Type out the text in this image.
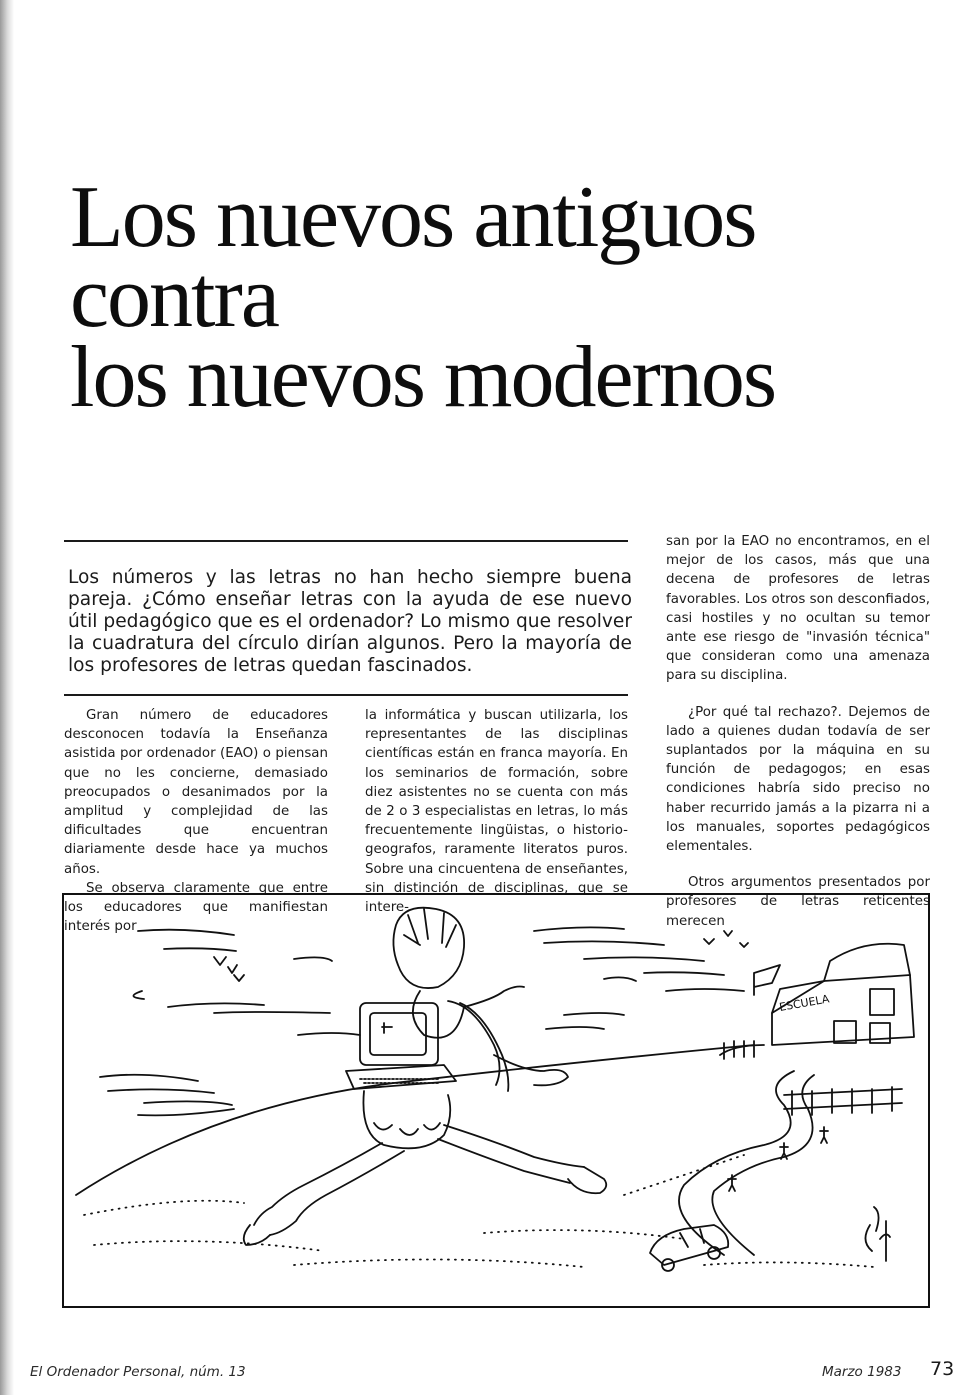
Los nuevos antiguos
contra
los nuevos modernos

Los números y las letras no han hecho siempre buena pareja. ¿Cómo enseñar letras con la ayuda de ese nuevo útil pedagógico que es el ordenador? Lo mismo que resolver la cuadratura del círculo dirían algunos. Pero la mayoría de los profesores de letras quedan fascinados.

Gran número de educadores desconocen todavía la Enseñanza asistida por ordenador (EAO) o piensan que no les concierne, demasiado preocupados o desanimados por la amplitud y complejidad de las dificultades que encuentran diariamente desde hace ya muchos años.

Se observa claramente que entre los educadores que manifiestan interés por

la informática y buscan utilizarla, los representantes de las disciplinas científicas están en franca mayoría. En los seminarios de formación, sobre diez asistentes no se cuenta con más de 2 o 3 especialistas en letras, lo más frecuentemente lingüistas, o historio-geografos, raramente literatos puros. Sobre una cincuentena de enseñantes, sin distinción de disciplinas, que se intere-

san por la EAO no encontramos, en el mejor de los casos, más que una decena de profesores de letras favorables. Los otros son desconfiados, casi hostiles y no ocultan su temor ante ese riesgo de "invasión técnica" que consideran como una amenaza para su disciplina.

¿Por qué tal rechazo?. Dejemos de lado a quienes dudan todavía de ser suplantados por la máquina en su función de pedagogos; en esas condiciones habría sido preciso no haber recurrido jamás a la pizarra ni a los manuales, soportes pedagógicos elementales.

Otros argumentos presentados por profesores de letras reticentes merecen

ESCUELA
El Ordenador Personal, núm. 13	Marzo 1983 73
